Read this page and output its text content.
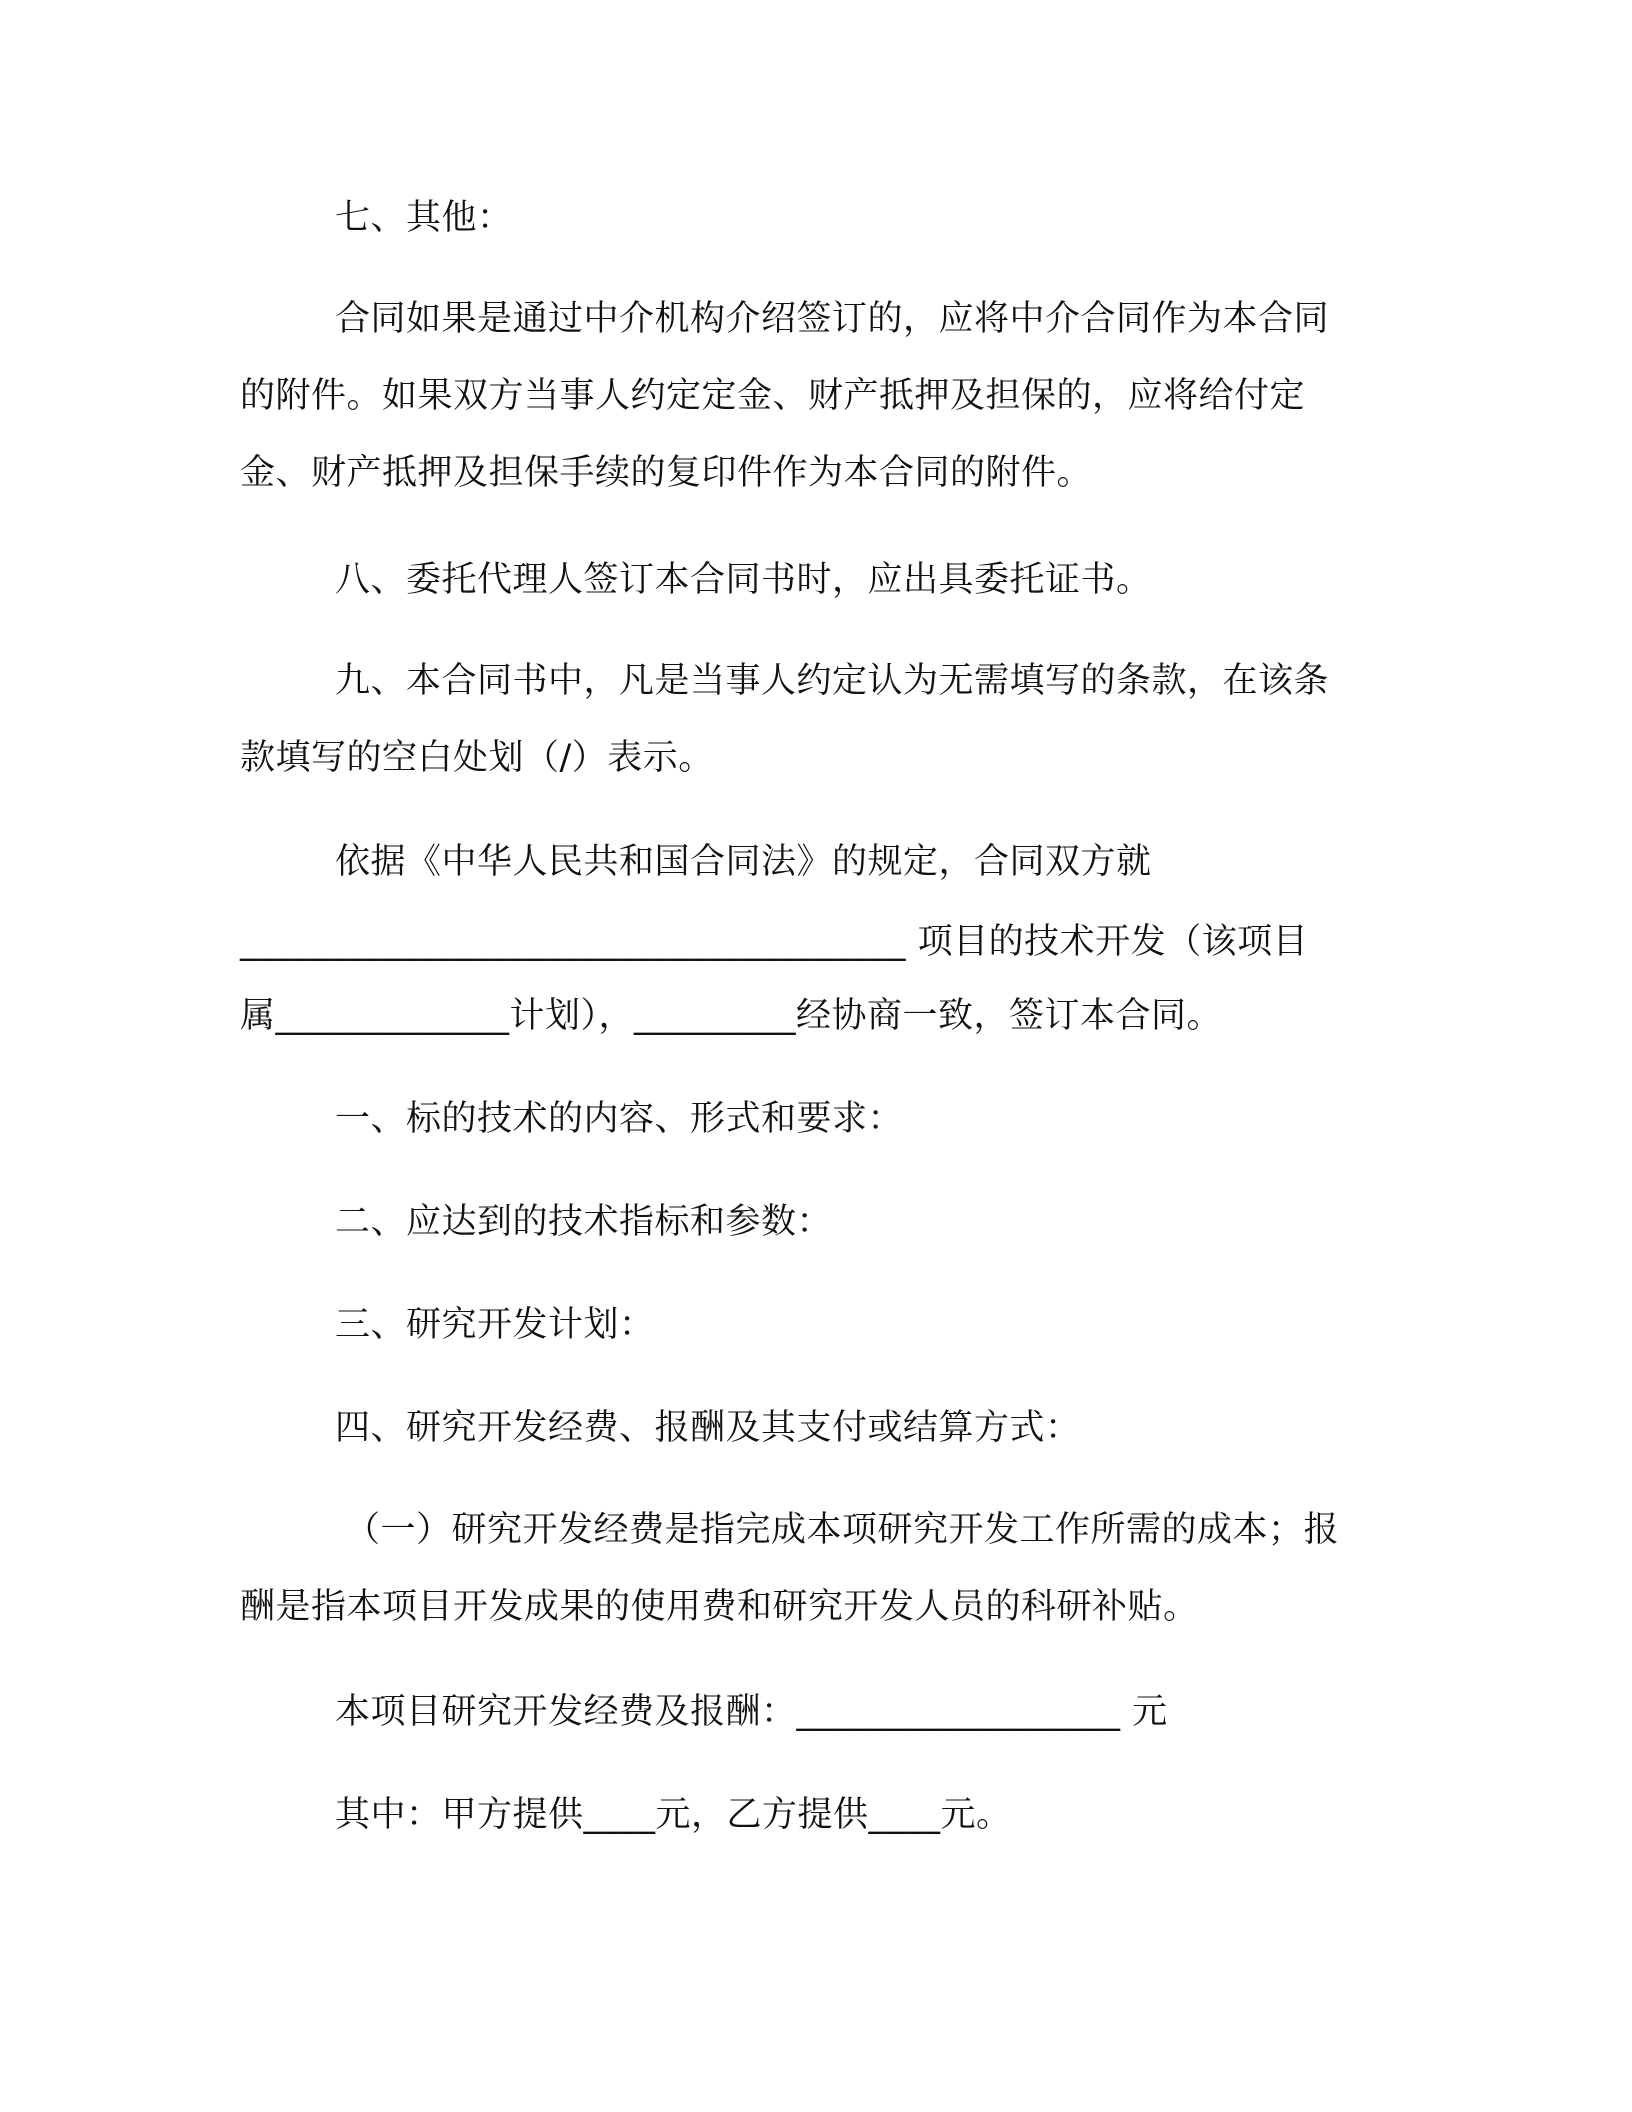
七、其他：
合同如果是通过中介机构介绍签订的，应将中介合同作为本合同
的附件。如果双方当事人约定定金、财产抵押及担保的，应将给付定
金、财产抵押及担保手续的复印件作为本合同的附件。
八、委托代理人签订本合同书时，应出具委托证书。
九、本合同书中，凡是当事人约定认为无需填写的条款，在该条
款填写的空白处划（/）表示。
依据《中华人民共和国合同法》的规定，合同双方就
_____________________________________ 项目的技术开发（该项目
属_____________计划），_________经协商一致，签订本合同。
一、标的技术的内容、形式和要求：
二、应达到的技术指标和参数：
三、研究开发计划：
四、研究开发经费、报酬及其支付或结算方式：
（一）研究开发经费是指完成本项研究开发工作所需的成本；报
酬是指本项目开发成果的使用费和研究开发人员的科研补贴。
本项目研究开发经费及报酬：__________________ 元
其中：甲方提供____元，乙方提供____元。
